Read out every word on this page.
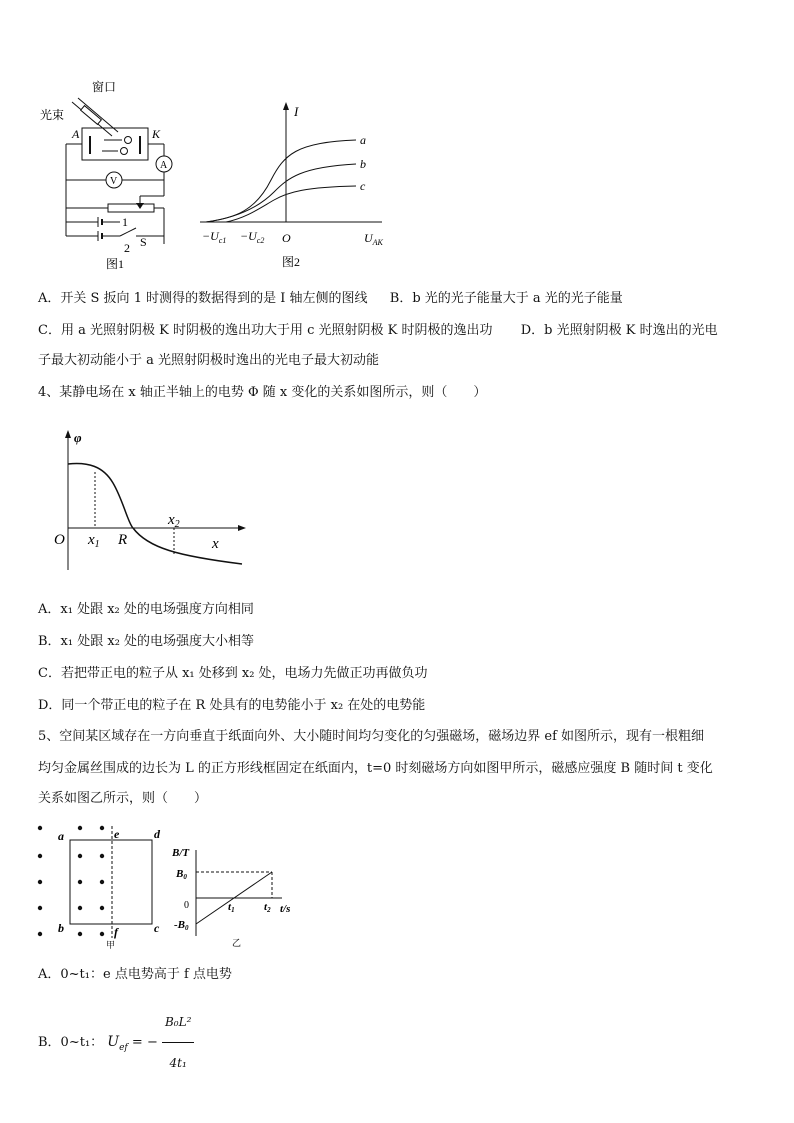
窗口
光束
A	K
A
V
1
2 S
图1
I
a
b
c
$-U_{c1} -U_{c2}$ O	$U_{AK}$
图2
A．开关 S 扳向 1 时测得的数据得到的是 I 轴左侧的图线 B．b 光的光子能量大于 a 光的光子能量
C．用 a 光照射阴极 K 时阴极的逸出功大于用 c 光照射阴极 K 时阴极的逸出功 D．b 光照射阴极 K 时逸出的光电
子最大初动能小于 a 光照射阴极时逸出的光电子最大初动能
4、某静电场在 x 轴正半轴上的电势 Φ 随 x 变化的关系如图所示，则（　　）
φ
O $x_1$ R
$x_2$
x
A．x₁ 处跟 x₂ 处的电场强度方向相同
B．x₁ 处跟 x₂ 处的电场强度大小相等
C．若把带正电的粒子从 x₁ 处移到 x₂ 处，电场力先做正功再做负功
D．同一个带正电的粒子在 R 处具有的电势能小于 x₂ 在处的电势能
5、空间某区域存在一方向垂直于纸面向外、大小随时间均匀变化的匀强磁场，磁场边界 ef 如图所示，现有一根粗细
均匀金属丝围成的边长为 L 的正方形线框固定在纸面内，t=0 时刻磁场方向如图甲所示，磁感应强度 B 随时间 t 变化
关系如图乙所示，则（　　）
a	e	d
b	f	c
甲
B/T
B0
0
-B0
t1	t2 t/s
乙
A．0~t₁：e 点电势高于 f 点电势
B．0~t₁： $U_{ef}$ = − $\frac{\text{B₀L²}}{\text{4t₁}}$
